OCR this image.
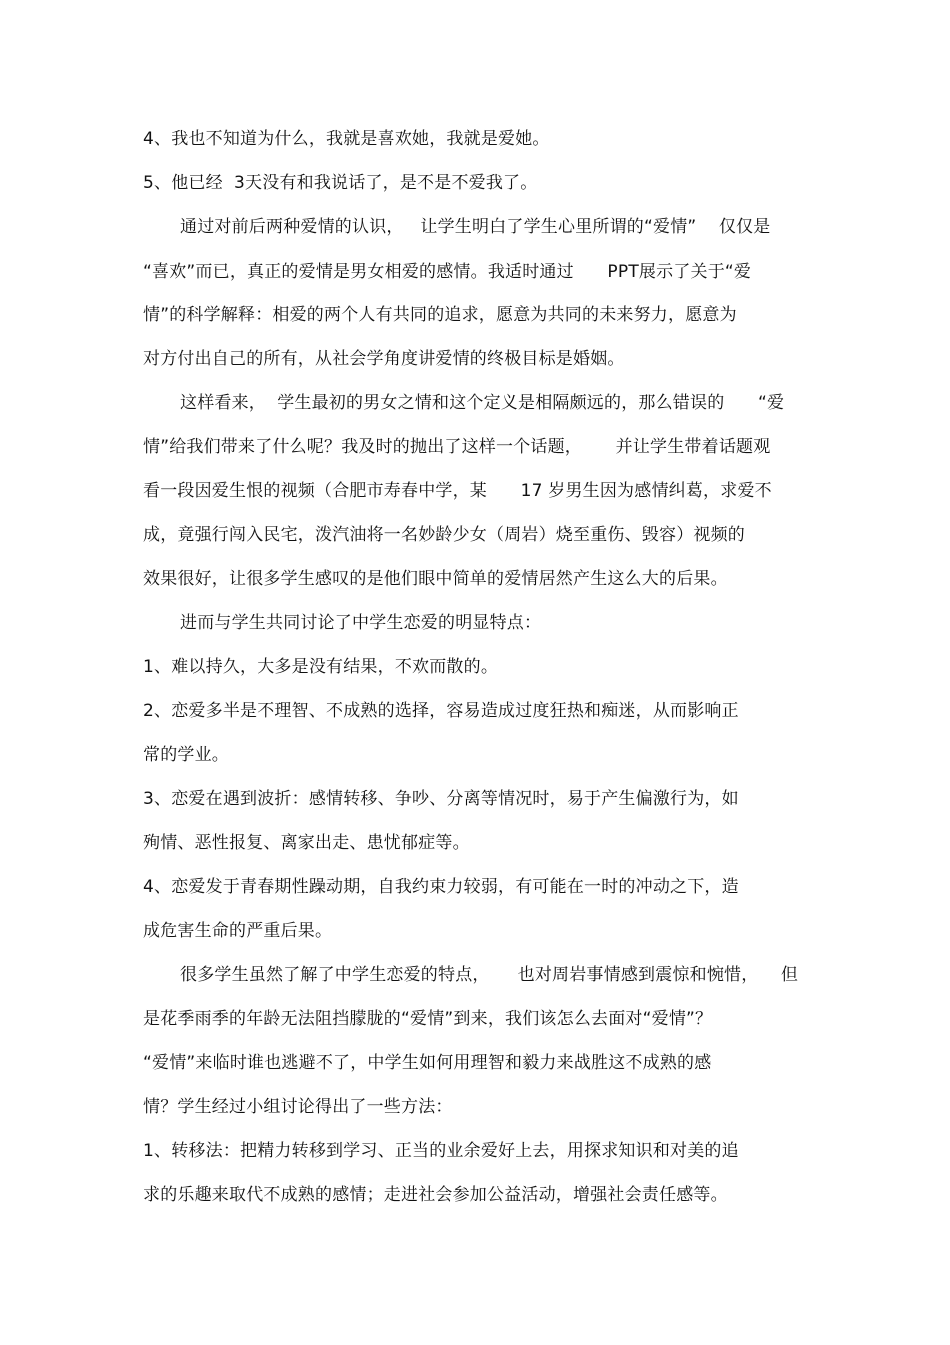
4、我也不知道为什么，我就是喜欢她，我就是爱她。
5、他已经  3天没有和我说话了，是不是不爱我了。
通过对前后两种爱情的认识，   让学生明白了学生心里所谓的“爱情”    仅仅是
“喜欢”而已，真正的爱情是男女相爱的感情。我适时通过      PPT展示了关于“爱
情”的科学解释：相爱的两个人有共同的追求，愿意为共同的未来努力，愿意为
对方付出自己的所有，从社会学角度讲爱情的终极目标是婚姻。
这样看来，  学生最初的男女之情和这个定义是相隔颇远的，那么错误的      “爱
情”给我们带来了什么呢？我及时的抛出了这样一个话题，      并让学生带着话题观
看一段因爱生恨的视频（合肥市寿春中学，某      17 岁男生因为感情纠葛，求爱不
成，竟强行闯入民宅，泼汽油将一名妙龄少女（周岩）烧至重伤、毁容）视频的
效果很好，让很多学生感叹的是他们眼中简单的爱情居然产生这么大的后果。
进而与学生共同讨论了中学生恋爱的明显特点：
1、难以持久，大多是没有结果，不欢而散的。
2、恋爱多半是不理智、不成熟的选择，容易造成过度狂热和痴迷，从而影响正
常的学业。
3、恋爱在遇到波折：感情转移、争吵、分离等情况时，易于产生偏激行为，如
殉情、恶性报复、离家出走、患忧郁症等。
4、恋爱发于青春期性躁动期，自我约束力较弱，有可能在一时的冲动之下，造
成危害生命的严重后果。
很多学生虽然了解了中学生恋爱的特点，     也对周岩事情感到震惊和惋惜，    但
是花季雨季的年龄无法阻挡朦胧的“爱情”到来，我们该怎么去面对“爱情”？
“爱情”来临时谁也逃避不了，中学生如何用理智和毅力来战胜这不成熟的感
情？学生经过小组讨论得出了一些方法：
1、转移法：把精力转移到学习、正当的业余爱好上去，用探求知识和对美的追
求的乐趣来取代不成熟的感情；走进社会参加公益活动，增强社会责任感等。
